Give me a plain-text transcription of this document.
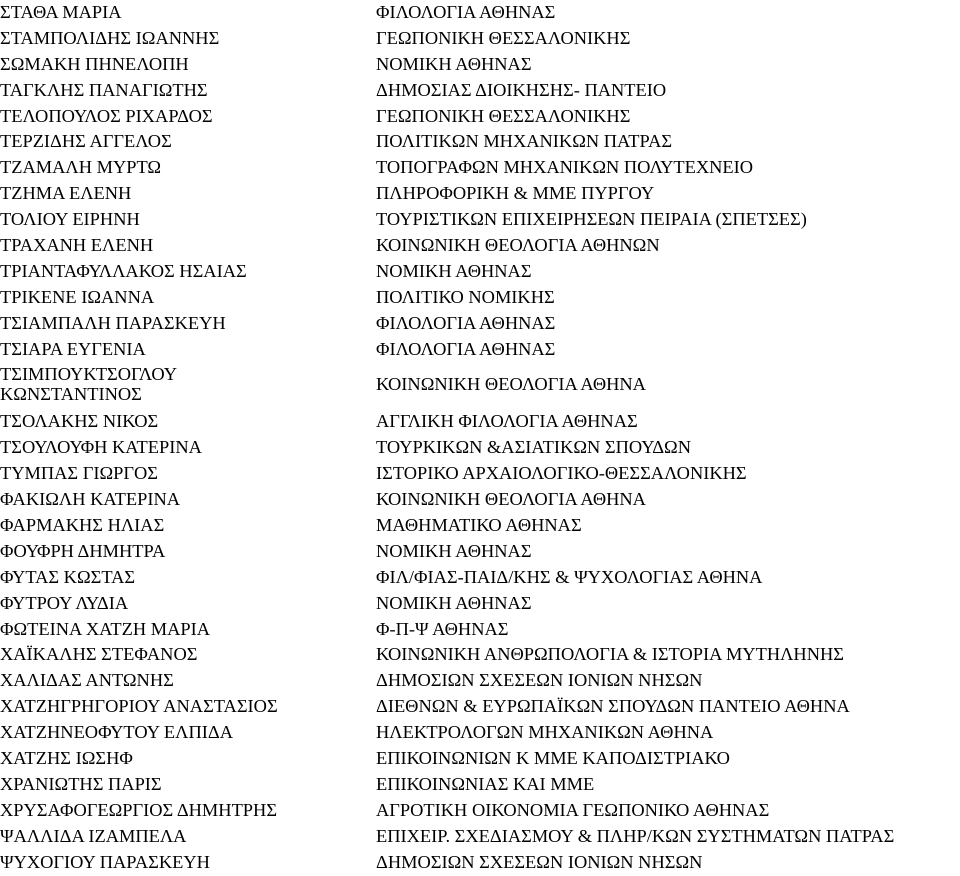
ΣΤΑΘΑ ΜΑΡΙΑ	ΦΙΛΟΛΟΓΙΑ ΑΘΗΝΑΣ
ΣΤΑΜΠΟΛΙΔΗΣ ΙΩΑΝΝΗΣ	ΓΕΩΠΟΝΙΚΗ ΘΕΣΣΑΛΟΝΙΚΗΣ
ΣΩΜΑΚΗ ΠΗΝΕΛΟΠΗ	ΝΟΜΙΚΗ ΑΘΗΝΑΣ
ΤΑΓΚΛΗΣ ΠΑΝΑΓΙΩΤΗΣ	ΔΗΜΟΣΙΑΣ ΔΙΟΙΚΗΣΗΣ- ΠΑΝΤΕΙΟ
ΤΕΛΟΠΟΥΛΟΣ ΡΙΧΑΡΔΟΣ	ΓΕΩΠΟΝΙΚΗ ΘΕΣΣΑΛΟΝΙΚΗΣ
ΤΕΡΖΙΔΗΣ ΑΓΓΕΛΟΣ	ΠΟΛΙΤΙΚΩΝ ΜΗΧΑΝΙΚΩΝ ΠΑΤΡΑΣ
ΤΖΑΜΑΛΗ ΜΥΡΤΩ	ΤΟΠΟΓΡΑΦΩΝ ΜΗΧΑΝΙΚΩΝ ΠΟΛΥΤΕΧΝΕΙΟ
ΤΖΗΜΑ ΕΛΕΝΗ	ΠΛΗΡΟΦΟΡΙΚΗ & ΜΜΕ ΠΥΡΓΟΥ
ΤΟΛΙΟΥ ΕΙΡΗΝΗ	ΤΟΥΡΙΣΤΙΚΩΝ ΕΠΙΧΕΙΡΗΣΕΩΝ ΠΕΙΡΑΙΑ (ΣΠΕΤΣΕΣ)
ΤΡΑΧΑΝΗ ΕΛΕΝΗ	ΚΟΙΝΩΝΙΚΗ ΘΕΟΛΟΓΙΑ ΑΘΗΝΩΝ
ΤΡΙΑΝΤΑΦΥΛΛΑΚΟΣ ΗΣΑΙΑΣ	ΝΟΜΙΚΗ ΑΘΗΝΑΣ
ΤΡΙΚΕΝΕ ΙΩΑΝΝΑ	ΠΟΛΙΤΙΚΟ ΝΟΜΙΚΗΣ
ΤΣΙΑΜΠΑΛΗ ΠΑΡΑΣΚΕΥΗ	ΦΙΛΟΛΟΓΙΑ ΑΘΗΝΑΣ
ΤΣΙΑΡΑ ΕΥΓΕΝΙΑ	ΦΙΛΟΛΟΓΙΑ ΑΘΗΝΑΣ
ΤΣΙΜΠΟΥΚΤΣΟΓΛΟΥ
ΚΩΝΣΤΑΝΤΙΝΟΣ	ΚΟΙΝΩΝΙΚΗ ΘΕΟΛΟΓΙΑ ΑΘΗΝΑ
ΤΣΟΛΑΚΗΣ ΝΙΚΟΣ	ΑΓΓΛΙΚΗ ΦΙΛΟΛΟΓΙΑ ΑΘΗΝΑΣ
ΤΣΟΥΛΟΥΦΗ ΚΑΤΕΡΙΝΑ	ΤΟΥΡΚΙΚΩΝ &ΑΣΙΑΤΙΚΩΝ ΣΠΟΥΔΩΝ
ΤΥΜΠΑΣ ΓΙΩΡΓΟΣ	ΙΣΤΟΡΙΚΟ ΑΡΧΑΙΟΛΟΓΙΚΟ-ΘΕΣΣΑΛΟΝΙΚΗΣ
ΦΑΚΙΩΛΗ ΚΑΤΕΡΙΝΑ	ΚΟΙΝΩΝΙΚΗ ΘΕΟΛΟΓΙΑ ΑΘΗΝΑ
ΦΑΡΜΑΚΗΣ ΗΛΙΑΣ	ΜΑΘΗΜΑΤΙΚΟ ΑΘΗΝΑΣ
ΦΟΥΦΡΗ ΔΗΜΗΤΡΑ	ΝΟΜΙΚΗ ΑΘΗΝΑΣ
ΦΥΤΑΣ ΚΩΣΤΑΣ	ΦΙΛ/ΦΙΑΣ-ΠΑΙΔ/ΚΗΣ & ΨΥΧΟΛΟΓΙΑΣ ΑΘΗΝΑ
ΦΥΤΡΟΥ ΛΥΔΙΑ	ΝΟΜΙΚΗ ΑΘΗΝΑΣ
ΦΩΤΕΙΝΑ ΧΑΤΖΗ ΜΑΡΙΑ	Φ-Π-Ψ ΑΘΗΝΑΣ
ΧΑΪΚΑΛΗΣ ΣΤΕΦΑΝΟΣ	ΚΟΙΝΩΝΙΚΗ ΑΝΘΡΩΠΟΛΟΓΙΑ & ΙΣΤΟΡΙΑ ΜΥΤΗΛΗΝΗΣ
ΧΑΛΙΔΑΣ ΑΝΤΩΝΗΣ	ΔΗΜΟΣΙΩΝ ΣΧΕΣΕΩΝ ΙΟΝΙΩΝ ΝΗΣΩΝ
ΧΑΤΖΗΓΡΗΓΟΡΙΟΥ ΑΝΑΣΤΑΣΙΟΣ	ΔΙΕΘΝΩΝ & ΕΥΡΩΠΑΪΚΩΝ ΣΠΟΥΔΩΝ ΠΑΝΤΕΙΟ ΑΘΗΝΑ
ΧΑΤΖΗΝΕΟΦΥΤΟΥ ΕΛΠΙΔΑ	ΗΛΕΚΤΡΟΛΟΓΩΝ ΜΗΧΑΝΙΚΩΝ ΑΘΗΝΑ
ΧΑΤΖΗΣ ΙΩΣΗΦ	ΕΠΙΚΟΙΝΩΝΙΩΝ Κ ΜΜΕ ΚΑΠΟΔΙΣΤΡΙΑΚΟ
ΧΡΑΝΙΩΤΗΣ ΠΑΡΙΣ	ΕΠΙΚΟΙΝΩΝΙΑΣ ΚΑΙ ΜΜΕ
ΧΡΥΣΑΦΟΓΕΩΡΓΙΟΣ ΔΗΜΗΤΡΗΣ	ΑΓΡΟΤΙΚΗ ΟΙΚΟΝΟΜΙΑ ΓΕΩΠΟΝΙΚΟ ΑΘΗΝΑΣ
ΨΑΛΛΙΔΑ ΙΖΑΜΠΕΛΑ	ΕΠΙΧΕΙΡ. ΣΧΕΔΙΑΣΜΟΥ & ΠΛΗΡ/ΚΩΝ ΣΥΣΤΗΜΑΤΩΝ ΠΑΤΡΑΣ
ΨΥΧΟΓΙΟΥ ΠΑΡΑΣΚΕΥΗ	ΔΗΜΟΣΙΩΝ ΣΧΕΣΕΩΝ ΙΟΝΙΩΝ ΝΗΣΩΝ
